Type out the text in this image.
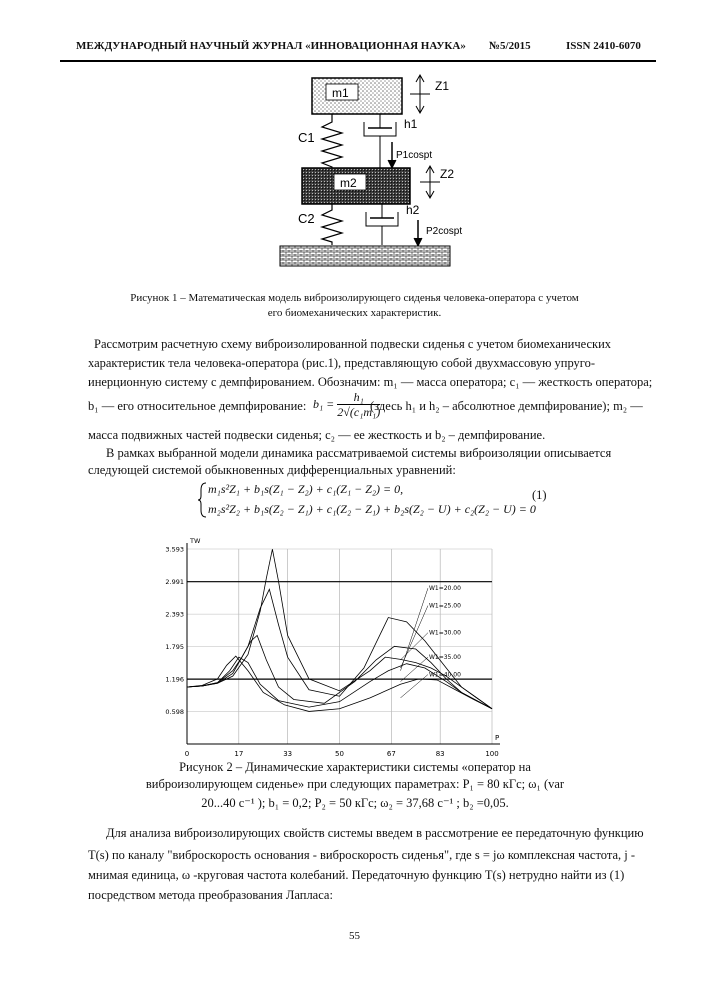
МЕЖДУНАРОДНЫЙ НАУЧНЫЙ ЖУРНАЛ «ИННОВАЦИОННАЯ НАУКА» №5/2015	ISSN 2410-6070
m1	Z1
C1
h1
P1cospt
m2
Z2
C2
h2
P2cospt
Рисунок 1 – Математическая модель виброизолирующего сиденья человека-оператора с учетом
его биомеханических характеристик.
Рассмотрим расчетную схему виброизолированной подвески сиденья с учетом биомеханических
характеристик тела человека-оператора (рис.1), представляющую собой двухмассовую упруго-
инерционную систему с демпфированием. Обозначим: m₁ — масса оператора; c₁ — жесткость оператора;
b₁ — его относительное демпфирование: $b_1 = \frac{\text{h₁}}{\text{2√(c₁m₁)}}$
(здесь h₁ и h₂ – абсолютное демпфирование); m₂ —
масса подвижных частей подвески сиденья; c₂ — ее жесткость и b₂ – демпфирование.
В рамках выбранной модели динамика рассматриваемой системы виброизоляции описывается
следующей системой обыкновенных дифференциальных уравнений:
m₁s²Z₁ + b₁s(Z₁ − Z₂) + c₁(Z₁ − Z₂) = 0,
m₂s²Z₂ + b₁s(Z₂ − Z₁) + c₁(Z₂ − Z₁) + b₂s(Z₂ − U) + c₂(Z₂ − U) = 0
(1)
0	17	33	50	67	83	100
0.598
1.196
1.795
2.393
2.991
3.593
TW
P
W1=20.00
W1=25.00
W1=30.00
W1=35.00
W1=40.00
Рисунок 2 – Динамические характеристики системы «оператор на
виброизолирующем сиденье» при следующих параметрах: P₁ = 80 кГс; ω₁ (var
20...40 с⁻¹ ); b₁ = 0,2; P₂ = 50 кГс; ω₂ = 37,68 с⁻¹ ; b₂ =0,05.
Для анализа виброизолирующих свойств системы введем в рассмотрение ее передаточную функцию
T(s) по каналу "виброскорость основания - виброскорость сиденья", где s = jω комплексная частота, j -
мнимая единица, ω -круговая частота колебаний. Передаточную функцию T(s) нетрудно найти из (1)
посредством метода преобразования Лапласа:
55
